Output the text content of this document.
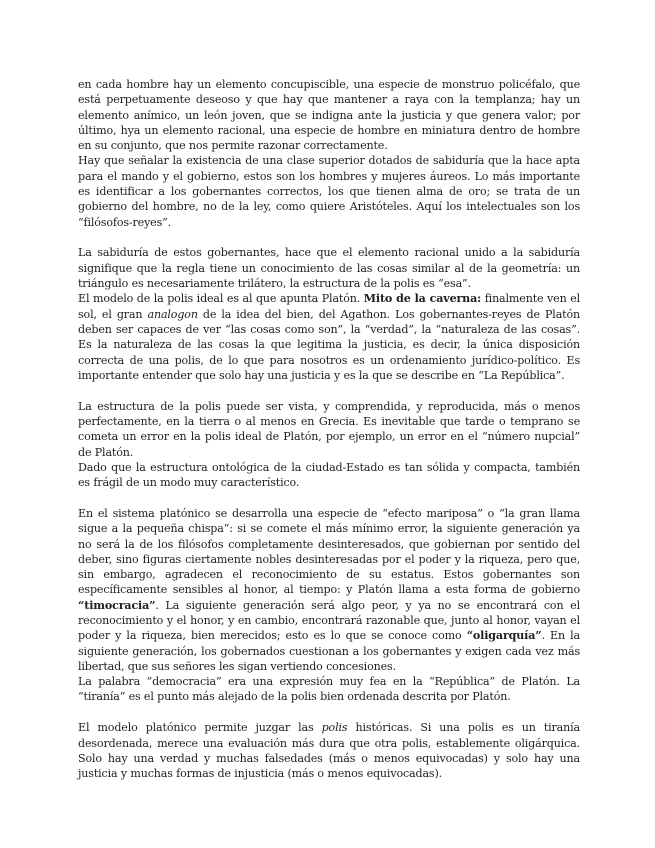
en cada hombre hay un elemento concupiscible, una especie de monstruo policéfalo, que está perpetuamente deseoso y que hay que mantener a raya con la templanza; hay un elemento anímico, un león joven, que se indigna ante la justicia y que genera valor; por último, hya un elemento racional, una especie de hombre en miniatura dentro de hombre en su conjunto, que nos permite razonar correctamente.

Hay que señalar la existencia de una clase superior dotados de sabiduría que la hace apta para el mando y el gobierno, estos son los hombres y mujeres áureos. Lo más importante es identificar a los gobernantes correctos, los que tienen alma de oro; se trata de un gobierno del hombre, no de la ley, como quiere Aristóteles. Aquí los intelectuales son los “filósofos-reyes”.

La sabiduría de estos gobernantes, hace que el elemento racional unido a la sabiduría signifique que la regla tiene un conocimiento de las cosas similar al de la geometría: un triángulo es necesariamente trilátero, la estructura de la polis es “esa”.

El modelo de la polis ideal es al que apunta Platón. Mito de la caverna: finalmente ven el sol, el gran analogon de la idea del bien, del Agathon. Los gobernantes-reyes de Platón deben ser capaces de ver “las cosas como son”, la “verdad”, la “naturaleza de las cosas”. Es la naturaleza de las cosas la que legitima la justicia, es decir, la única disposición correcta de una polis, de lo que para nosotros es un ordenamiento jurídico-político. Es importante entender que solo hay una justicia y es la que se describe en “La República”.

La estructura de la polis puede ser vista, y comprendida, y reproducida, más o menos perfectamente, en la tierra o al menos en Grecia. Es inevitable que tarde o temprano se cometa un error en la polis ideal de Platón, por ejemplo, un error en el “número nupcial” de Platón.

Dado que la estructura ontológica de la ciudad-Estado es tan sólida y compacta, también es frágil de un modo muy característico.

En el sistema platónico se desarrolla una especie de “efecto mariposa” o “la gran llama sigue a la pequeña chispa”: si se comete el más mínimo error, la siguiente generación ya no será la de los filósofos completamente desinteresados, que gobiernan por sentido del deber, sino figuras ciertamente nobles desinteresadas por el poder y la riqueza, pero que, sin embargo, agradecen el reconocimiento de su estatus. Estos gobernantes son específicamente sensibles al honor, al tiempo: y Platón llama a esta forma de gobierno “timocracia”. La siguiente generación será algo peor, y ya no se encontrará con el reconocimiento y el honor, y en cambio, encontrará razonable que, junto al honor, vayan el poder y la riqueza, bien merecidos; esto es lo que se conoce como “oligarquía”. En la siguiente generación, los gobernados cuestionan a los gobernantes y exigen cada vez más libertad, que sus señores les sigan vertiendo concesiones.

La palabra “democracia” era una expresión muy fea en la “República” de Platón. La “tiranía” es el punto más alejado de la polis bien ordenada descrita por Platón.

El modelo platónico permite juzgar las polis históricas. Si una polis es un tiranía desordenada, merece una evaluación más dura que otra polis, establemente oligárquica. Solo hay una verdad y muchas falsedades (más o menos equivocadas) y solo hay una justicia y muchas formas de injusticia (más o menos equivocadas).
